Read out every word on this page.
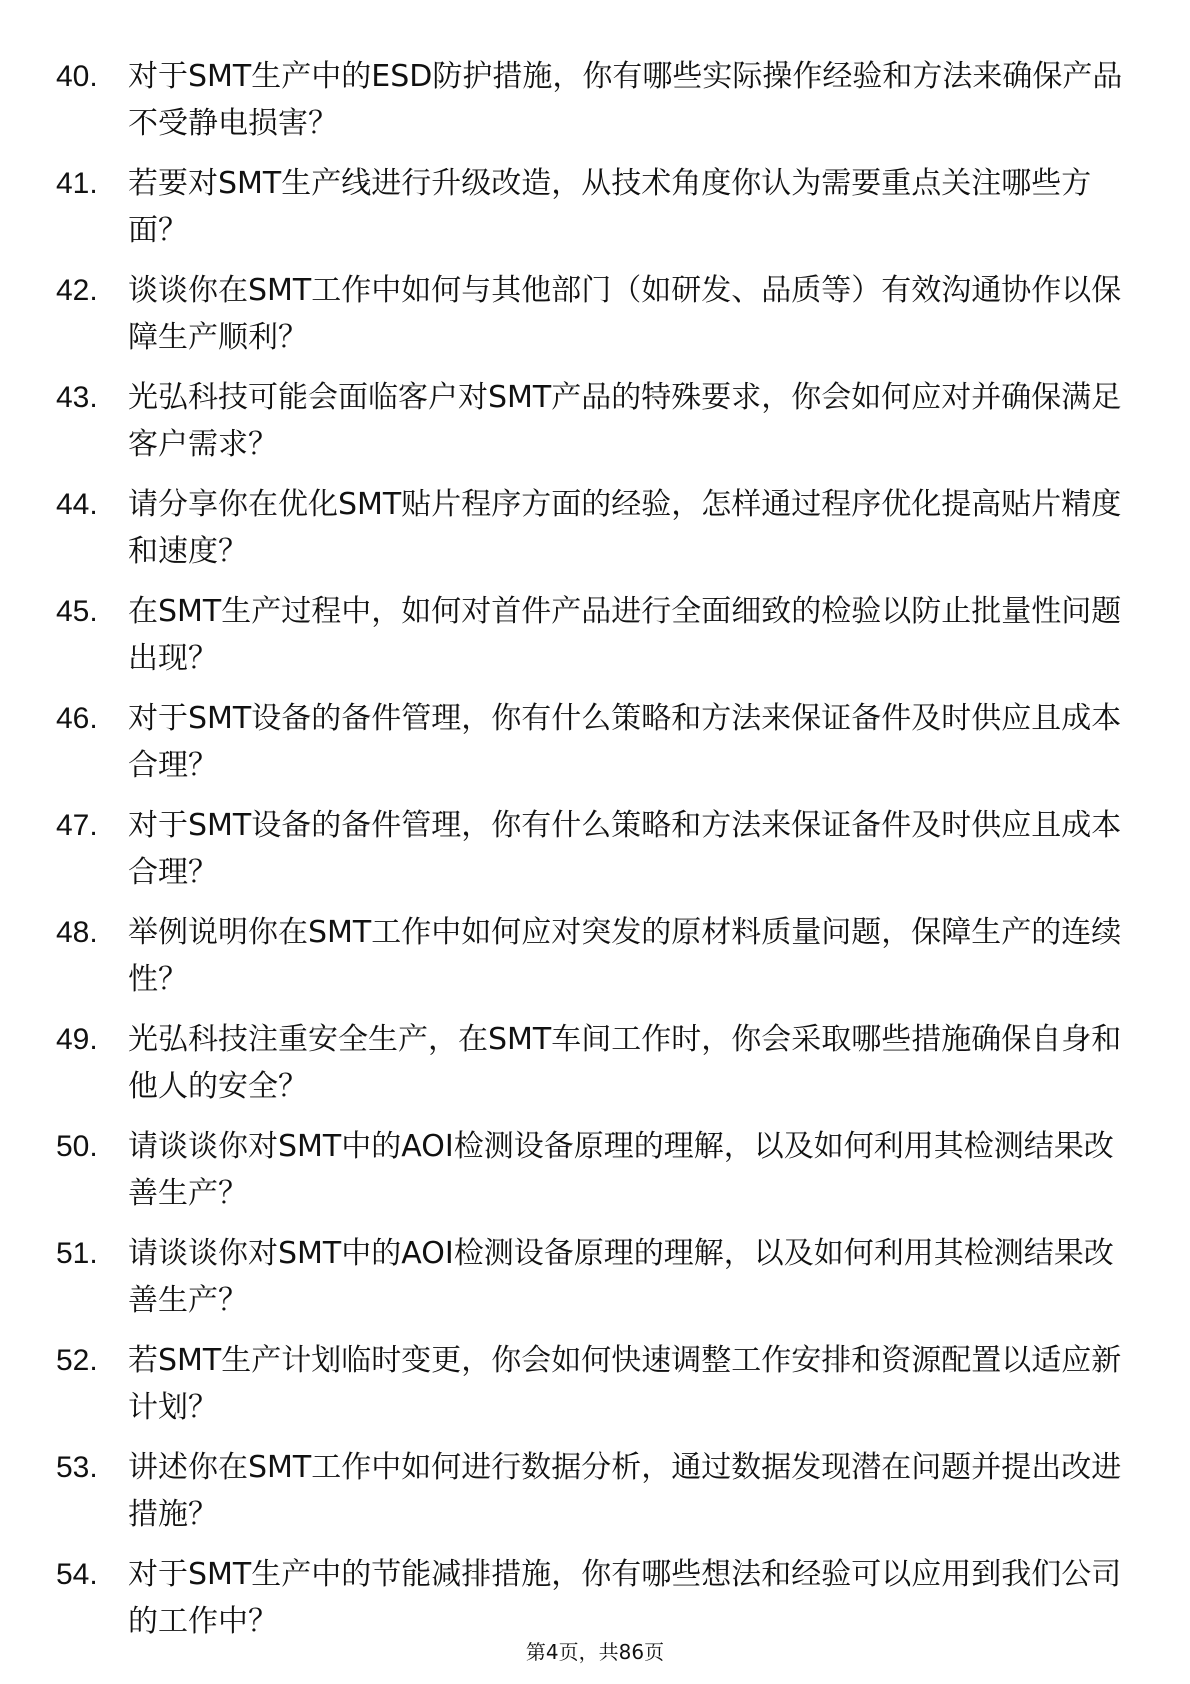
40.	对于SMT生产中的ESD防护措施，你有哪些实际操作经验和方法来确保产品不受静电损害？
41.	若要对SMT生产线进行升级改造，从技术角度你认为需要重点关注哪些方面？
42.	谈谈你在SMT工作中如何与其他部门（如研发、品质等）有效沟通协作以保障生产顺利？
43.	光弘科技可能会面临客户对SMT产品的特殊要求，你会如何应对并确保满足客户需求？
44.	请分享你在优化SMT贴片程序方面的经验，怎样通过程序优化提高贴片精度和速度？
45.	在SMT生产过程中，如何对首件产品进行全面细致的检验以防止批量性问题出现？
46.	对于SMT设备的备件管理，你有什么策略和方法来保证备件及时供应且成本合理？
47.	对于SMT设备的备件管理，你有什么策略和方法来保证备件及时供应且成本合理？
48.	举例说明你在SMT工作中如何应对突发的原材料质量问题，保障生产的连续性？
49.	光弘科技注重安全生产，在SMT车间工作时，你会采取哪些措施确保自身和他人的安全？
50.	请谈谈你对SMT中的AOI检测设备原理的理解，以及如何利用其检测结果改善生产？
51.	请谈谈你对SMT中的AOI检测设备原理的理解，以及如何利用其检测结果改善生产？
52.	若SMT生产计划临时变更，你会如何快速调整工作安排和资源配置以适应新计划？
53.	讲述你在SMT工作中如何进行数据分析，通过数据发现潜在问题并提出改进措施？
54.	对于SMT生产中的节能减排措施，你有哪些想法和经验可以应用到我们公司的工作中？
第4页，共86页
